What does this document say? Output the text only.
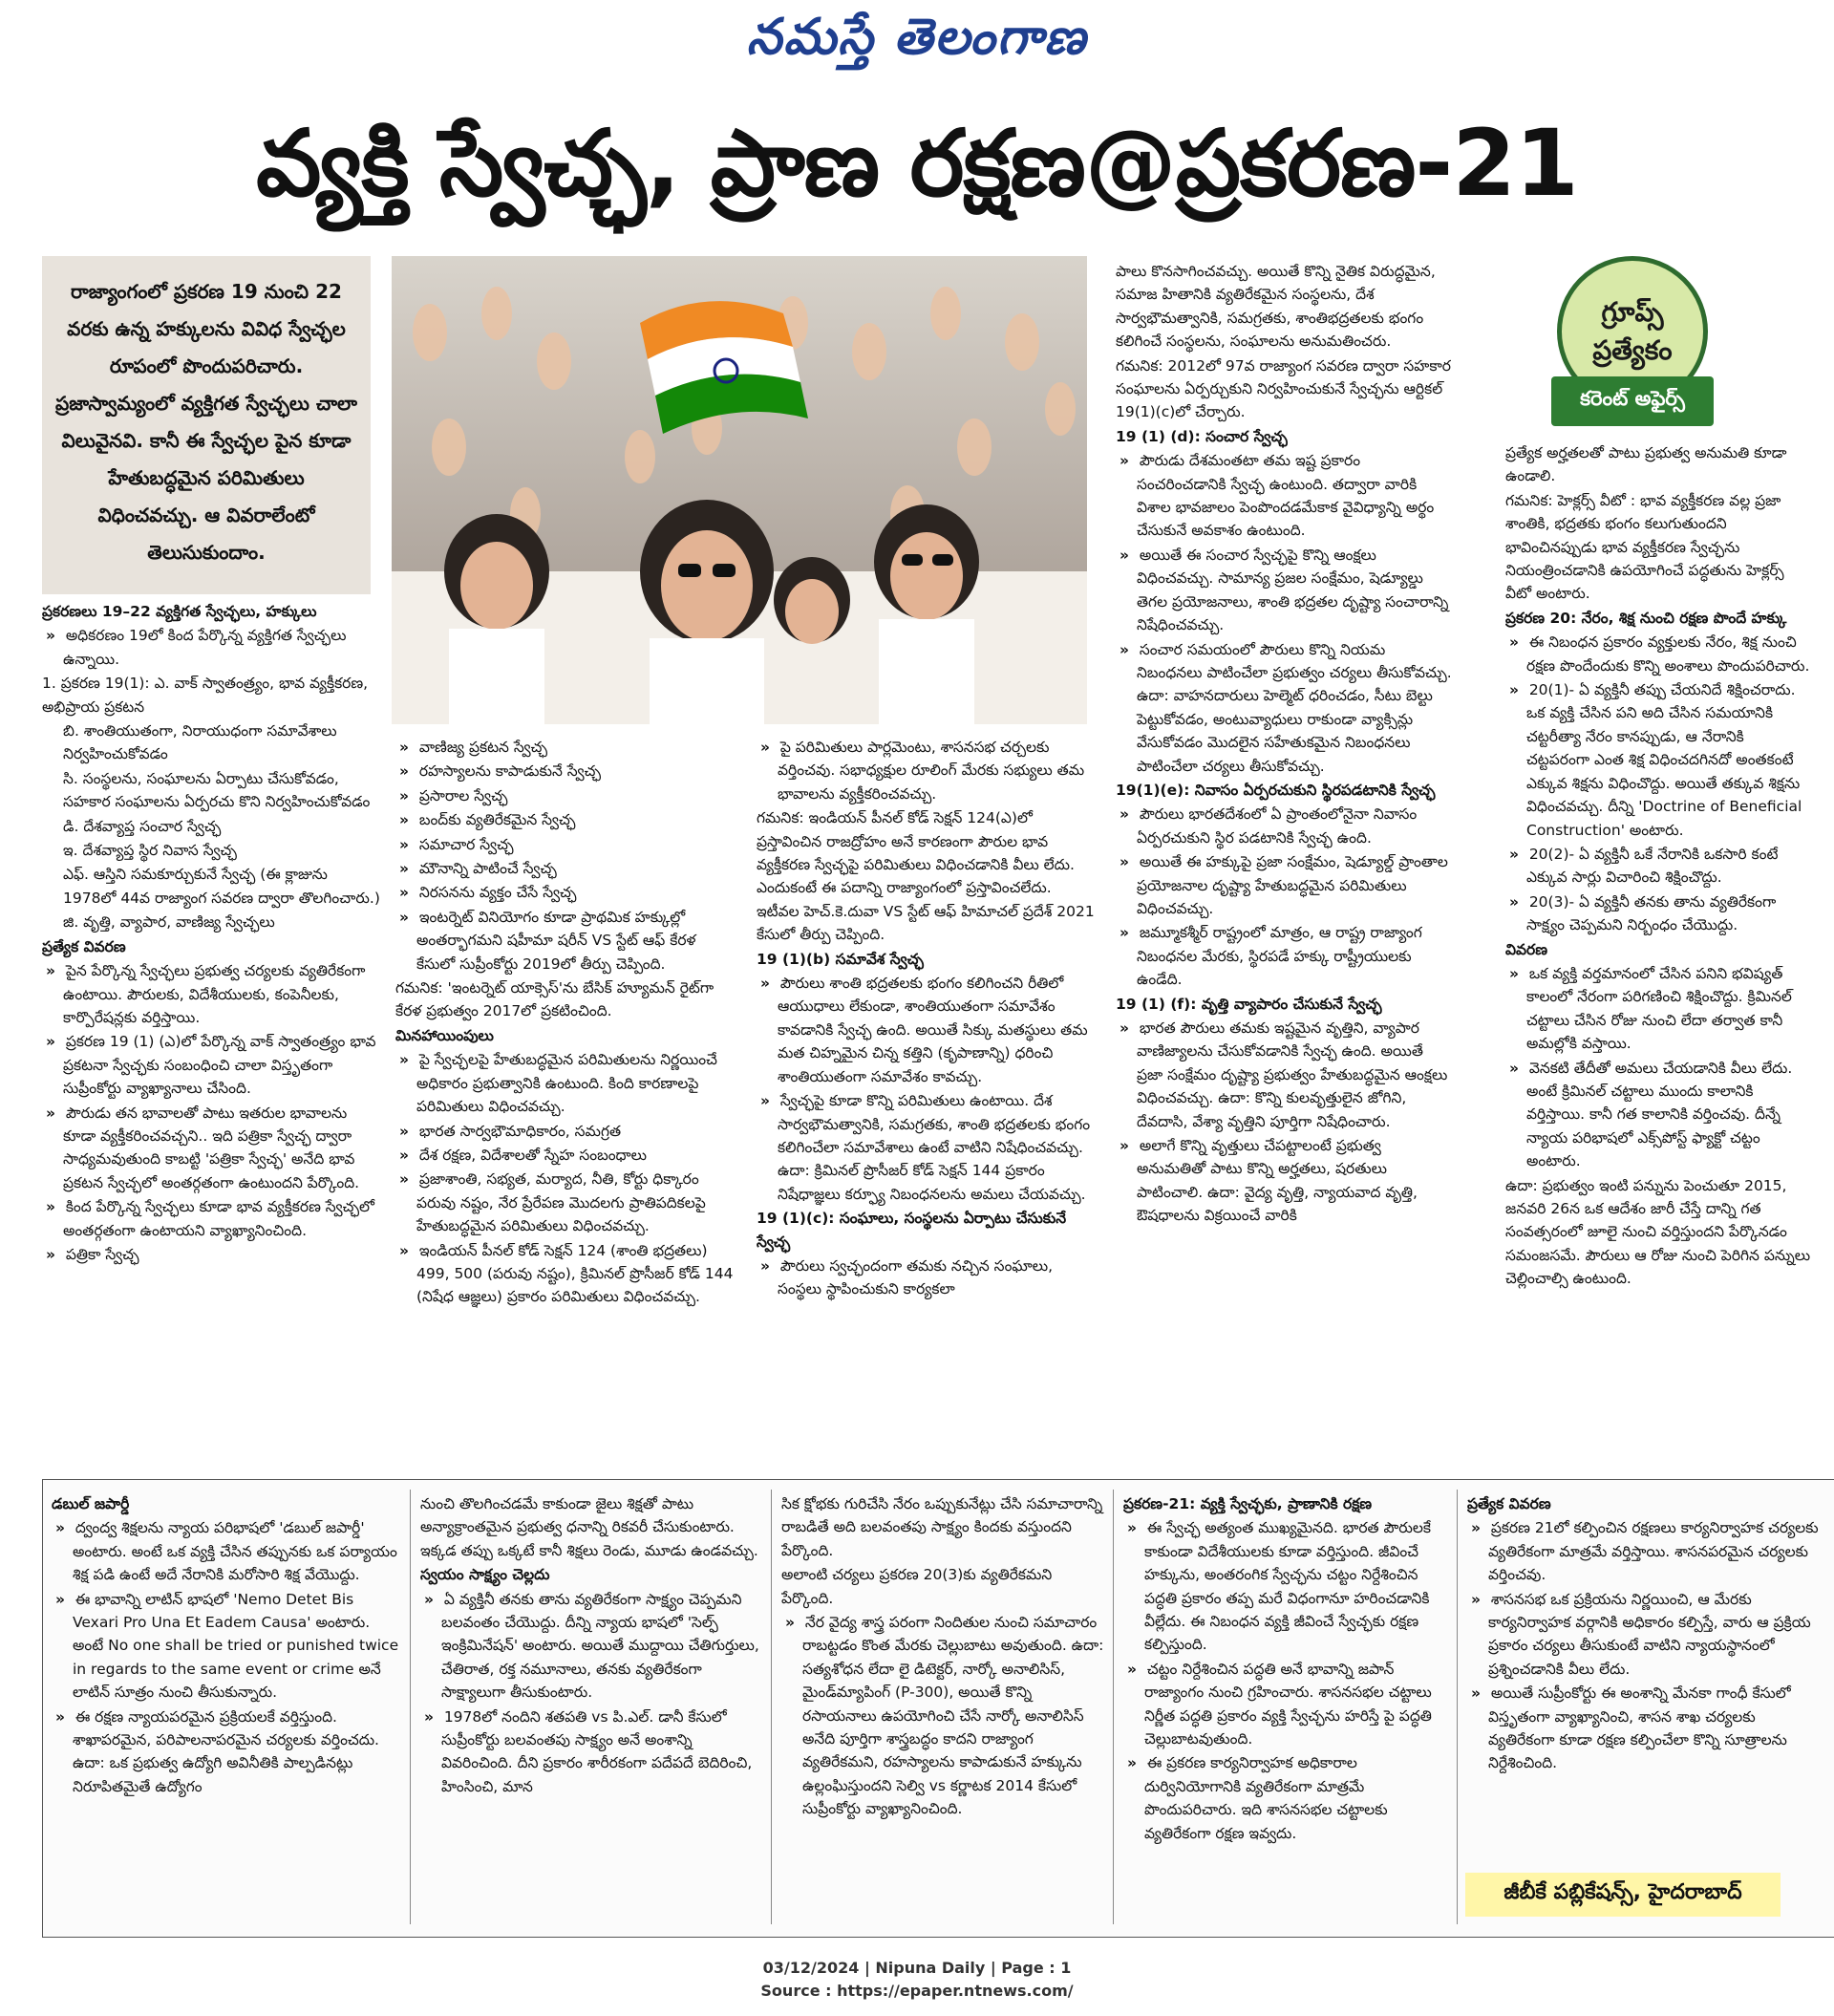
నమస్తే తెలంగాణ
వ్యక్తి స్వేచ్ఛ, ప్రాణ రక్షణ@ప్రకరణ-21
రాజ్యాంగంలో ప్రకరణ 19 నుంచి 22 వరకు ఉన్న హక్కులను వివిధ స్వేచ్ఛల రూపంలో పొందుపరిచారు. ప్రజాస్వామ్యంలో వ్యక్తిగత స్వేచ్ఛలు చాలా విలువైనవి. కానీ ఈ స్వేచ్ఛల పైన కూడా హేతుబద్ధమైన పరిమితులు విధించవచ్చు. ఆ వివరాలేంటో తెలుసుకుందాం.

ప్రకరణలు 19–22 వ్యక్తిగత స్వేచ్ఛలు, హక్కులు

»  అధికరణం 19లో కింద పేర్కొన్న వ్యక్తిగత స్వేచ్ఛలు ఉన్నాయి.

1. ప్రకరణ 19(1): ఎ. వాక్ స్వాతంత్ర్యం, భావ వ్యక్తీకరణ, అభిప్రాయ ప్రకటన

బి. శాంతియుతంగా, నిరాయుధంగా సమావేశాలు నిర్వహించుకోవడం

సి. సంస్థలను, సంఘాలను ఏర్పాటు చేసుకోవడం, సహకార సంఘాలను ఏర్పరచు కొని నిర్వహించుకోవడం

డి. దేశవ్యాప్త సంచార స్వేచ్ఛ

ఇ. దేశవ్యాప్త స్థిర నివాస స్వేచ్ఛ

ఎఫ్. ఆస్తిని సమకూర్చుకునే స్వేచ్ఛ (ఈ క్లాజును 1978లో 44వ రాజ్యాంగ సవరణ ద్వారా తొలగించారు.)

జి. వృత్తి, వ్యాపార, వాణిజ్య స్వేచ్ఛలు

ప్రత్యేక వివరణ

»  పైన పేర్కొన్న స్వేచ్ఛలు ప్రభుత్వ చర్యలకు వ్యతిరేకంగా ఉంటాయి. పౌరులకు, విదేశీయులకు, కంపెనీలకు, కార్పొరేషన్లకు వర్తిస్తాయి.

»  ప్రకరణ 19 (1) (ఎ)లో పేర్కొన్న వాక్ స్వాతంత్ర్యం భావ ప్రకటనా స్వేచ్ఛకు సంబంధించి చాలా విస్తృతంగా సుప్రీంకోర్టు వ్యాఖ్యానాలు చేసింది.

»  పౌరుడు తన భావాలతో పాటు ఇతరుల భావాలను కూడా వ్యక్తీకరించవచ్చని.. ఇది పత్రికా స్వేచ్ఛ ద్వారా సాధ్యమవుతుంది కాబట్టి 'పత్రికా స్వేచ్ఛ' అనేది భావ ప్రకటన స్వేచ్ఛలో అంతర్గతంగా ఉంటుందని పేర్కొంది.

»  కింద పేర్కొన్న స్వేచ్ఛలు కూడా భావ వ్యక్తీకరణ స్వేచ్ఛలో అంతర్గతంగా ఉంటాయని వ్యాఖ్యానించింది.

»  పత్రికా స్వేచ్ఛ

»  వాణిజ్య ప్రకటన స్వేచ్ఛ

»  రహస్యాలను కాపాడుకునే స్వేచ్ఛ

»  ప్రసారాల స్వేచ్ఛ

»  బంద్‌కు వ్యతిరేకమైన స్వేచ్ఛ

»  సమాచార స్వేచ్ఛ

»  మౌనాన్ని పాటించే స్వేచ్ఛ

»  నిరసనను వ్యక్తం చేసే స్వేచ్ఛ

»  ఇంటర్నెట్ వినియోగం కూడా ప్రాథమిక హక్కుల్లో అంతర్భాగమని షహీమా షరీన్ VS స్టేట్ ఆఫ్ కేరళ కేసులో సుప్రీంకోర్టు 2019లో తీర్పు చెప్పింది.

గమనిక: 'ఇంటర్నెట్ యాక్సెస్'ను బేసిక్ హ్యూమన్ రైట్‌గా కేరళ ప్రభుత్వం 2017లో ప్రకటించింది.

మినహాయింపులు

»  పై స్వేచ్ఛలపై హేతుబద్ధమైన పరిమితులను నిర్ణయించే అధికారం ప్రభుత్వానికి ఉంటుంది. కింది కారణాలపై పరిమితులు విధించవచ్చు.

»  భారత సార్వభౌమాధికారం, సమగ్రత

»  దేశ రక్షణ, విదేశాలతో స్నేహ సంబంధాలు

»  ప్రజాశాంతి, సభ్యత, మర్యాద, నీతి, కోర్టు ధిక్కారం పరువు నష్టం, నేర ప్రేరేపణ మొదలగు ప్రాతిపదికలపై హేతుబద్ధమైన పరిమితులు విధించవచ్చు.

»  ఇండియన్ పీనల్ కోడ్ సెక్షన్ 124 (శాంతి భద్రతలు) 499, 500 (పరువు నష్టం), క్రిమినల్ ప్రొసీజర్ కోడ్ 144 (నిషేధ ఆజ్ఞలు) ప్రకారం పరిమితులు విధించవచ్చు.

»  పై పరిమితులు పార్లమెంటు, శాసనసభ చర్చలకు వర్తించవు. సభాధ్యక్షుల రూలింగ్ మేరకు సభ్యులు తమ భావాలను వ్యక్తీకరించవచ్చు.

గమనిక: ఇండియన్ పీనల్ కోడ్ సెక్షన్ 124(ఎ)లో ప్రస్తావించిన రాజద్రోహం అనే కారణంగా పౌరుల భావ వ్యక్తీకరణ స్వేచ్ఛపై పరిమితులు విధించడానికి వీలు లేదు. ఎందుకంటే ఈ పదాన్ని రాజ్యాంగంలో ప్రస్తావించలేదు. ఇటీవల హెచ్.కె.దువా VS స్టేట్ ఆఫ్ హిమాచల్ ప్రదేశ్ 2021 కేసులో తీర్పు చెప్పింది.

19 (1)(b) సమావేశ స్వేచ్ఛ

»  పౌరులు శాంతి భద్రతలకు భంగం కలిగించని రీతిలో ఆయుధాలు లేకుండా, శాంతియుతంగా సమావేశం కావడానికి స్వేచ్ఛ ఉంది. అయితే సిక్కు మతస్థులు తమ మత చిహ్నమైన చిన్న కత్తిని (కృపాణాన్ని) ధరించి శాంతియుతంగా సమావేశం కావచ్చు.

»  స్వేచ్ఛపై కూడా కొన్ని పరిమితులు ఉంటాయి. దేశ సార్వభౌమత్వానికి, సమగ్రతకు, శాంతి భద్రతలకు భంగం కలిగించేలా సమావేశాలు ఉంటే వాటిని నిషేధించవచ్చు. ఉదా: క్రిమినల్ ప్రొసీజర్ కోడ్ సెక్షన్ 144 ప్రకారం నిషేధాజ్ఞలు కర్ఫ్యూ నిబంధనలను అమలు చేయవచ్చు.

19 (1)(c): సంఘాలు, సంస్థలను ఏర్పాటు చేసుకునే స్వేచ్ఛ

»  పౌరులు స్వచ్ఛందంగా తమకు నచ్చిన సంఘాలు, సంస్థలు స్థాపించుకుని కార్యకలా

పాలు కొనసాగించవచ్చు. అయితే కొన్ని నైతిక విరుద్ధమైన, సమాజ హితానికి వ్యతిరేకమైన సంస్థలను, దేశ సార్వభౌమత్వానికి, సమగ్రతకు, శాంతిభద్రతలకు భంగం కలిగించే సంస్థలను, సంఘాలను అనుమతించరు.

గమనిక: 2012లో 97వ రాజ్యాంగ సవరణ ద్వారా సహకార సంఘాలను ఏర్పర్చుకుని నిర్వహించుకునే స్వేచ్ఛను ఆర్టికల్ 19(1)(c)లో చేర్చారు.

19 (1) (d): సంచార స్వేచ్ఛ

»  పౌరుడు దేశమంతటా తమ ఇష్ట ప్రకారం సంచరించడానికి స్వేచ్ఛ ఉంటుంది. తద్వారా వారికి విశాల భావజాలం పెంపొందడమేకాక వైవిధ్యాన్ని అర్థం చేసుకునే అవకాశం ఉంటుంది.

»  అయితే ఈ సంచార స్వేచ్ఛపై కొన్ని ఆంక్షలు విధించవచ్చు. సామాన్య ప్రజల సంక్షేమం, షెడ్యూల్డు తెగల ప్రయోజనాలు, శాంతి భద్రతల దృష్ట్యా సంచారాన్ని నిషేధించవచ్చు.

»  సంచార సమయంలో పౌరులు కొన్ని నియమ నిబంధనలు పాటించేలా ప్రభుత్వం చర్యలు తీసుకోవచ్చు. ఉదా: వాహనదారులు హెల్మెట్ ధరించడం, సీటు బెల్టు పెట్టుకోవడం, అంటువ్యాధులు రాకుండా వ్యాక్సిన్లు వేసుకోవడం మొదలైన సహేతుకమైన నిబంధనలు పాటించేలా చర్యలు తీసుకోవచ్చు.

19(1)(e): నివాసం ఏర్పరచుకుని స్థిరపడటానికి స్వేచ్ఛ

»  పౌరులు భారతదేశంలో ఏ ప్రాంతంలోనైనా నివాసం ఏర్పరచుకుని స్థిర పడటానికి స్వేచ్ఛ ఉంది.

»  అయితే ఈ హక్కుపై ప్రజా సంక్షేమం, షెడ్యూల్డ్ ప్రాంతాల ప్రయోజనాల దృష్ట్యా హేతుబద్ధమైన పరిమితులు విధించవచ్చు.

»  జమ్మూకశ్మీర్ రాష్ట్రంలో మాత్రం, ఆ రాష్ట్ర రాజ్యాంగ నిబంధనల మేరకు, స్థిరపడే హక్కు రాష్ట్రీయులకు ఉండేది.

19 (1) (f): వృత్తి వ్యాపారం చేసుకునే స్వేచ్ఛ

»  భారత పౌరులు తమకు ఇష్టమైన వృత్తిని, వ్యాపార వాణిజ్యాలను చేసుకోవడానికి స్వేచ్ఛ ఉంది. అయితే ప్రజా సంక్షేమం దృష్ట్యా ప్రభుత్వం హేతుబద్ధమైన ఆంక్షలు విధించవచ్చు. ఉదా: కొన్ని కులవృత్తులైన జోగిని, దేవదాసి, వేశ్యా వృత్తిని పూర్తిగా నిషేధించారు.

»  అలాగే కొన్ని వృత్తులు చేపట్టాలంటే ప్రభుత్వ అనుమతితో పాటు కొన్ని అర్హతలు, షరతులు పాటించాలి. ఉదా: వైద్య వృత్తి, న్యాయవాద వృత్తి, ఔషధాలను విక్రయించే వారికి

ప్రత్యేక అర్హతలతో పాటు ప్రభుత్వ అనుమతి కూడా ఉండాలి.

గమనిక: హెక్లర్స్ వీటో : భావ వ్యక్తీకరణ వల్ల ప్రజా శాంతికి, భద్రతకు భంగం కలుగుతుందని భావించినప్పుడు భావ వ్యక్తీకరణ స్వేచ్ఛను నియంత్రించడానికి ఉపయోగించే పద్ధతును హెక్లర్స్ వీటో అంటారు.

ప్రకరణ 20: నేరం, శిక్ష నుంచి రక్షణ పొందే హక్కు

»  ఈ నిబంధన ప్రకారం వ్యక్తులకు నేరం, శిక్ష నుంచి రక్షణ పొందేందుకు కొన్ని అంశాలు పొందుపరిచారు.

»  20(1)- ఏ వ్యక్తినీ తప్పు చేయనిదే శిక్షించరాదు. ఒక వ్యక్తి చేసిన పని అది చేసిన సమయానికి చట్టరీత్యా నేరం కానప్పుడు, ఆ నేరానికి చట్టపరంగా ఎంత శిక్ష విధించదగినదో అంతకంటే ఎక్కువ శిక్షను విధించొద్దు. అయితే తక్కువ శిక్షను విధించవచ్చు. దీన్ని 'Doctrine of Beneficial Construction' అంటారు.

»  20(2)- ఏ వ్యక్తినీ ఒకే నేరానికి ఒకసారి కంటే ఎక్కువ సార్లు విచారించి శిక్షించొద్దు.

»  20(3)- ఏ వ్యక్తినీ తనకు తాను వ్యతిరేకంగా సాక్ష్యం చెప్పమని నిర్బంధం చేయొద్దు.

వివరణ

»  ఒక వ్యక్తి వర్తమానంలో చేసిన పనిని భవిష్యత్ కాలంలో నేరంగా పరిగణించి శిక్షించొద్దు. క్రిమినల్ చట్టాలు చేసిన రోజు నుంచి లేదా తర్వాత కానీ అమల్లోకి వస్తాయి.

»  వెనకటి తేదీతో అమలు చేయడానికి వీలు లేదు. అంటే క్రిమినల్ చట్టాలు ముందు కాలానికి వర్తిస్తాయి. కానీ గత కాలానికి వర్తించవు. దీన్నే న్యాయ పరిభాషలో ఎక్స్‌పోస్ట్ ఫ్యాక్టో చట్టం అంటారు.

ఉదా: ప్రభుత్వం ఇంటి పన్నును పెంచుతూ 2015, జనవరి 26న ఒక ఆదేశం జారీ చేస్తే దాన్ని గత సంవత్సరంలో జూలై నుంచి వర్తిస్తుందని పేర్కొనడం సమంజసమే. పౌరులు ఆ రోజు నుంచి పెరిగిన పన్నులు చెల్లించాల్సి ఉంటుంది.

గ్రూప్స్
ప్రత్యేకం
కరెంట్ అఫైర్స్

డబుల్ జపార్డీ

»  ద్వంద్వ శిక్షలను న్యాయ పరిభాషలో 'డబుల్ జపార్డీ' అంటారు. అంటే ఒక వ్యక్తి చేసిన తప్పునకు ఒక పర్యాయం శిక్ష పడి ఉంటే అదే నేరానికి మరోసారి శిక్ష వేయొద్దు.

»  ఈ భావాన్ని లాటిన్ భాషలో 'Nemo Detet Bis Vexari Pro Una Et Eadem Causa' అంటారు. అంటే No one shall be tried or punished twice in regards to the same event or crime అనే లాటిన్ సూత్రం నుంచి తీసుకున్నారు.

»  ఈ రక్షణ న్యాయపరమైన ప్రక్రియలకే వర్తిస్తుంది. శాఖాపరమైన, పరిపాలనాపరమైన చర్యలకు వర్తించదు. ఉదా: ఒక ప్రభుత్వ ఉద్యోగి అవినీతికి పాల్పడినట్లు నిరూపితమైతే ఉద్యోగం

నుంచి తొలగించడమే కాకుండా జైలు శిక్షతో పాటు అన్యాక్రాంతమైన ప్రభుత్వ ధనాన్ని రికవరీ చేసుకుంటారు. ఇక్కడ తప్పు ఒక్కటే కానీ శిక్షలు రెండు, మూడు ఉండవచ్చు.

స్వయం సాక్ష్యం చెల్లదు

»  ఏ వ్యక్తినీ తనకు తాను వ్యతిరేకంగా సాక్ష్యం చెప్పమని బలవంతం చేయొద్దు. దీన్ని న్యాయ భాషలో 'సెల్ఫ్ ఇంక్రిమినేషన్' అంటారు. అయితే ముద్దాయి చేతిగుర్తులు, చేతిరాత, రక్త నమూనాలు, తనకు వ్యతిరేకంగా సాక్ష్యాలుగా తీసుకుంటారు.

»  1978లో నందిని శతపతి vs పి.ఎల్. డానీ కేసులో సుప్రీంకోర్టు బలవంతపు సాక్ష్యం అనే అంశాన్ని వివరించింది. దీని ప్రకారం శారీరకంగా పదేపదే బెదిరించి, హింసించి, మాన

సిక క్షోభకు గురిచేసి నేరం ఒప్పుకునేట్లు చేసి సమాచారాన్ని రాబడితే అది బలవంతపు సాక్ష్యం కిందకు వస్తుందని పేర్కొంది.

అలాంటి చర్యలు ప్రకరణ 20(3)కు వ్యతిరేకమని పేర్కొంది.

»  నేర వైద్య శాస్త్ర పరంగా నిందితుల నుంచి సమాచారం రాబట్టడం కొంత మేరకు చెల్లుబాటు అవుతుంది. ఉదా: సత్యశోధన లేదా లై డిటెక్టర్, నార్కో అనాలిసిస్, మైండ్‌మ్యాపింగ్ (P-300), అయితే కొన్ని రసాయనాలు ఉపయోగించి చేసే నార్కో అనాలిసిస్ అనేది పూర్తిగా శాస్త్రబద్ధం కాదని రాజ్యాంగ వ్యతిరేకమని, రహస్యాలను కాపాడుకునే హక్కును ఉల్లంఘిస్తుందని సెల్వి vs కర్ణాటక 2014 కేసులో సుప్రీంకోర్టు వ్యాఖ్యానించింది.

ప్రకరణ-21: వ్యక్తి స్వేచ్ఛకు, ప్రాణానికి రక్షణ

»  ఈ స్వేచ్ఛ అత్యంత ముఖ్యమైనది. భారత పౌరులకే కాకుండా విదేశీయులకు కూడా వర్తిస్తుంది. జీవించే హక్కును, అంతరంగిక స్వేచ్ఛను చట్టం నిర్దేశించిన పద్ధతి ప్రకారం తప్ప మరే విధంగానూ హరించడానికి వీల్లేదు. ఈ నిబంధన వ్యక్తి జీవించే స్వేచ్ఛకు రక్షణ కల్పిస్తుంది.

»  చట్టం నిర్దేశించిన పద్ధతి అనే భావాన్ని జపాన్ రాజ్యాంగం నుంచి గ్రహించారు. శాసనసభల చట్టాలు నిర్ణీత పద్ధతి ప్రకారం వ్యక్తి స్వేచ్ఛను హరిస్తే పై పద్ధతి చెల్లుబాటవుతుంది.

»  ఈ ప్రకరణ కార్యనిర్వాహక అధికారాల దుర్వినియోగానికి వ్యతిరేకంగా మాత్రమే పొందుపరిచారు. ఇది శాసనసభల చట్టాలకు వ్యతిరేకంగా రక్షణ ఇవ్వదు.

ప్రత్యేక వివరణ

»  ప్రకరణ 21లో కల్పించిన రక్షణలు కార్యనిర్వాహక చర్యలకు వ్యతిరేకంగా మాత్రమే వర్తిస్తాయి. శాసనపరమైన చర్యలకు వర్తించవు.

»  శాసనసభ ఒక ప్రక్రియను నిర్ణయించి, ఆ మేరకు కార్యనిర్వాహక వర్గానికి అధికారం కల్పిస్తే, వారు ఆ ప్రక్రియ ప్రకారం చర్యలు తీసుకుంటే వాటిని న్యాయస్థానంలో ప్రశ్నించడానికి వీలు లేదు.

»  అయితే సుప్రీంకోర్టు ఈ అంశాన్ని మేనకా గాంధీ కేసులో విస్తృతంగా వ్యాఖ్యానించి, శాసన శాఖ చర్యలకు వ్యతిరేకంగా కూడా రక్షణ కల్పించేలా కొన్ని సూత్రాలను నిర్దేశించింది.

జీబీకే పబ్లికేషన్స్, హైదరాబాద్
03/12/2024 | Nipuna Daily | Page : 1
Source : https://epaper.ntnews.com/
